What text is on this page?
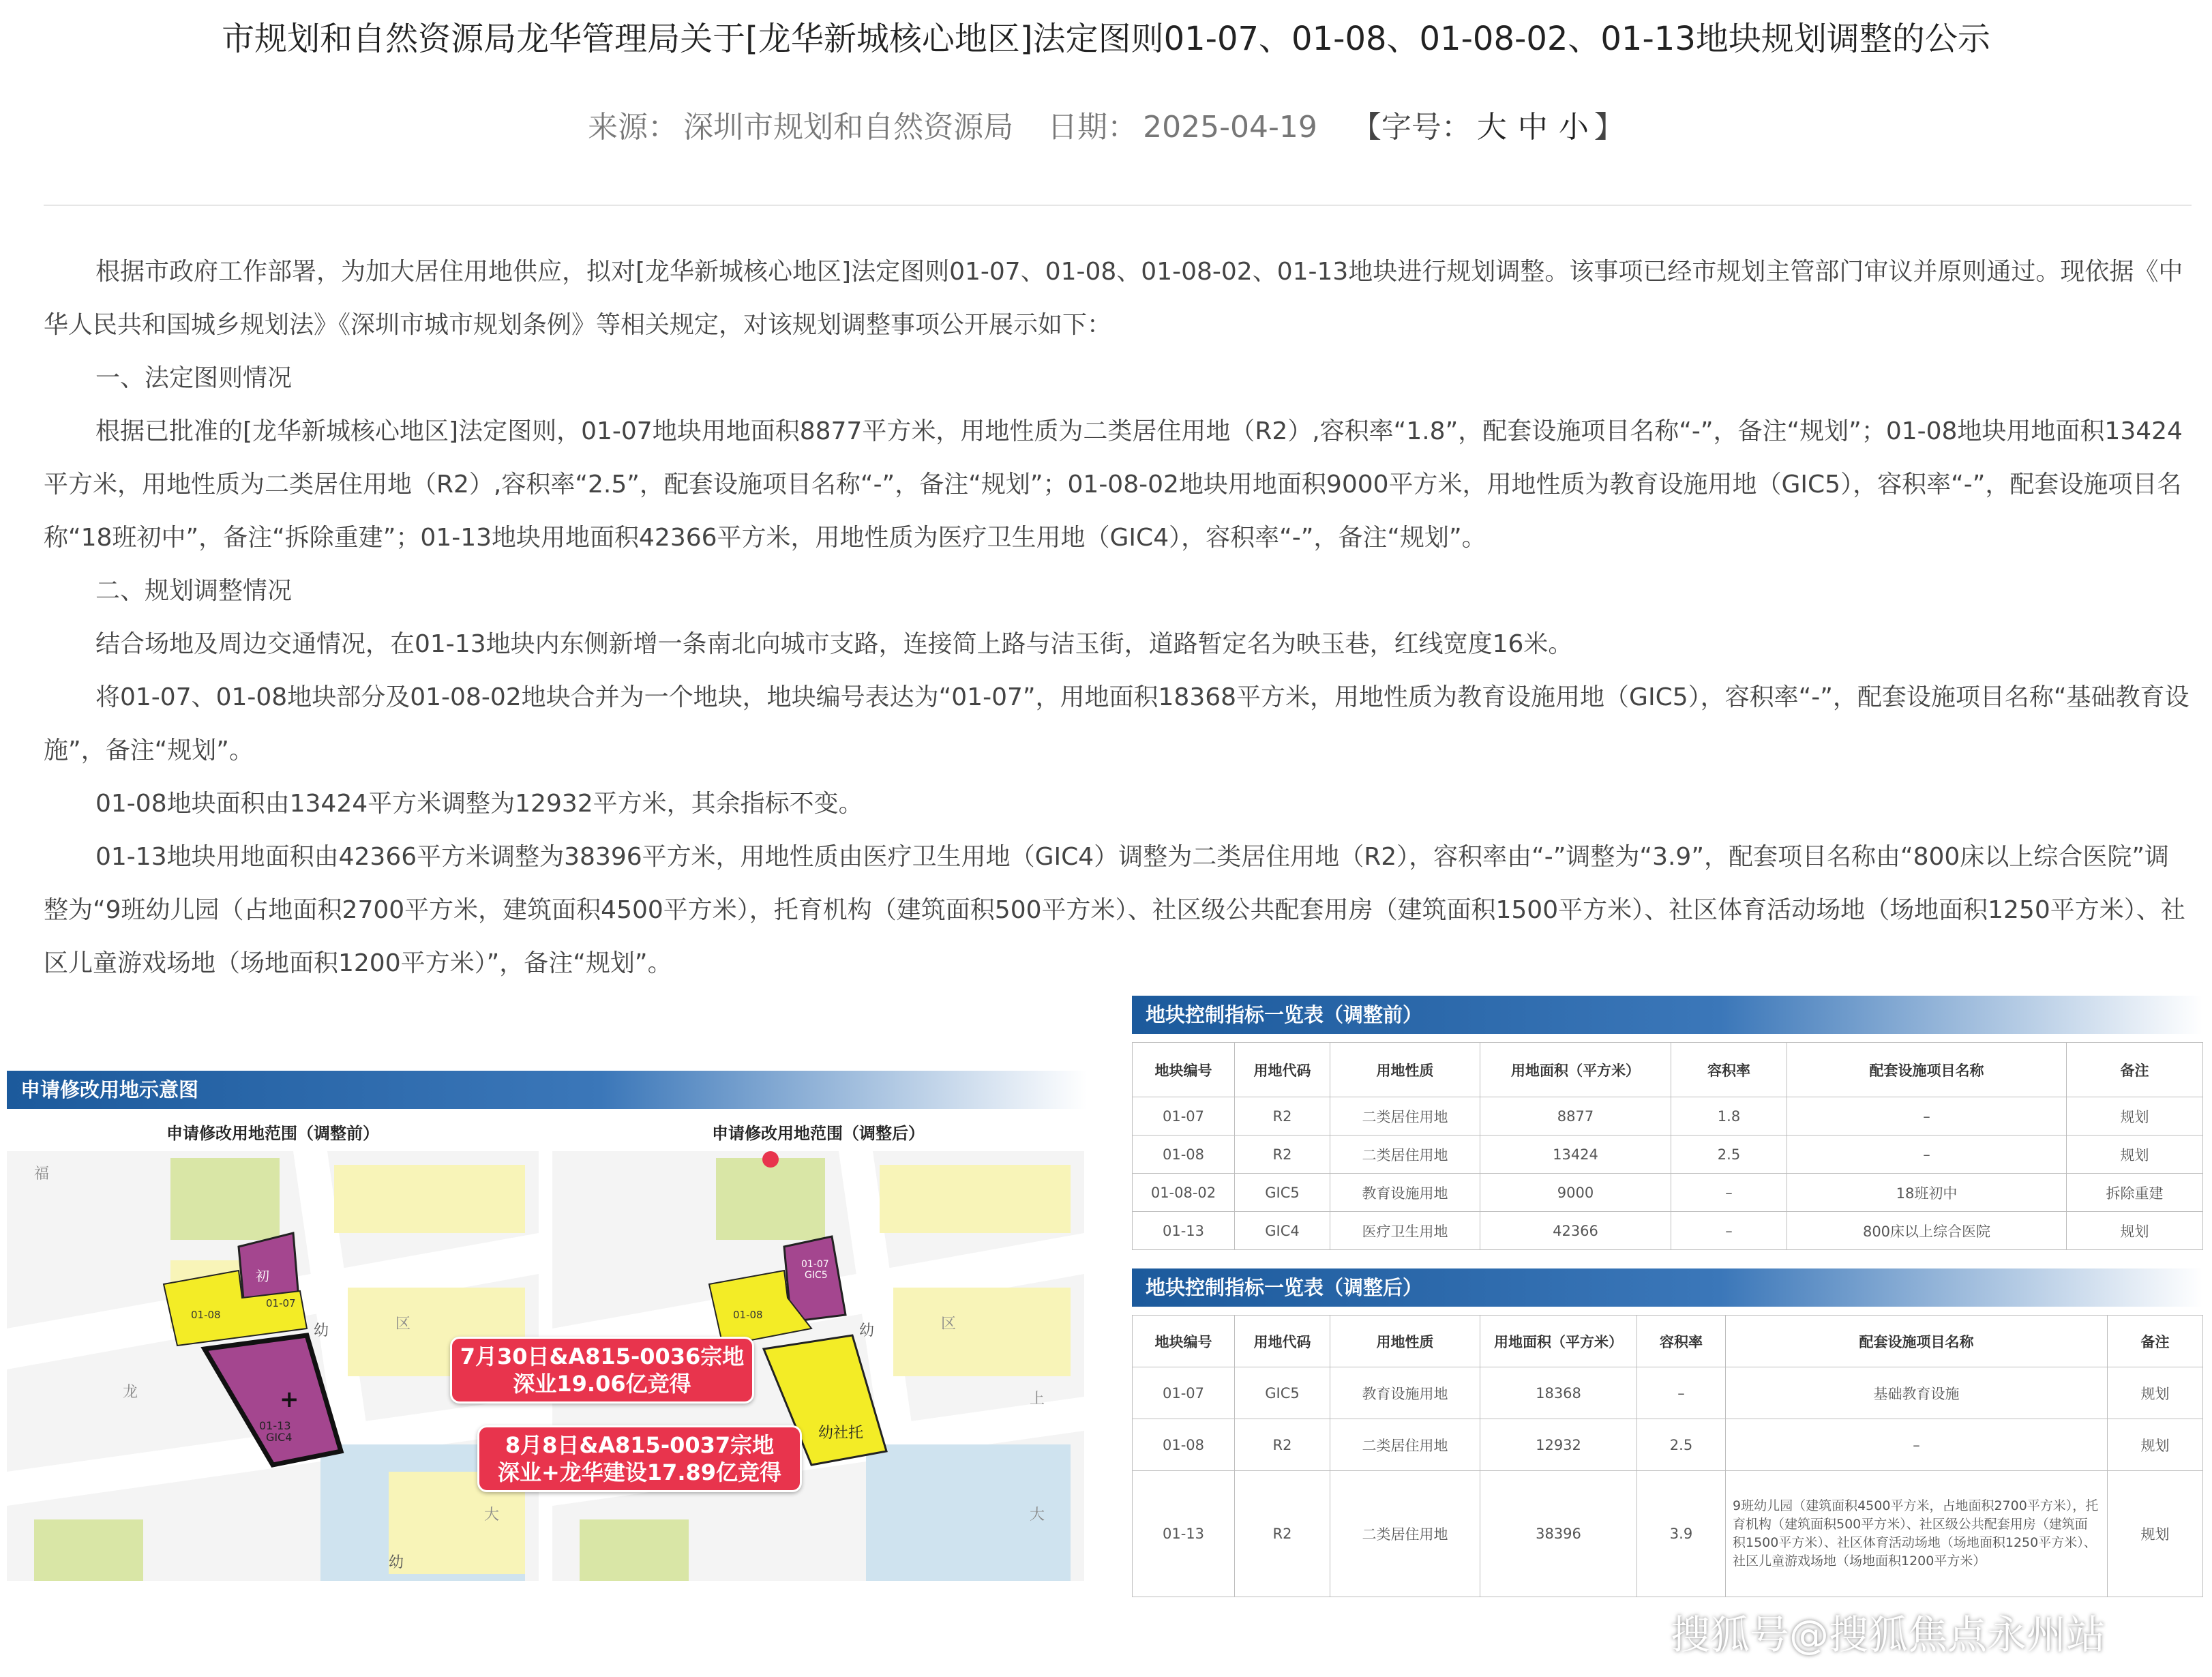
市规划和自然资源局龙华管理局关于[龙华新城核心地区]法定图则01-07、01-08、01-08-02、01-13地块规划调整的公示
来源： 深圳市规划和自然资源局 日期： 2025-04-19 【字号： 大 中 小 】

根据市政府工作部署，为加大居住用地供应，拟对[龙华新城核心地区]法定图则01-07、01-08、01-08-02、01-13地块进行规划调整。该事项已经市规划主管部门审议并原则通过。现依据《中华人民共和国城乡规划法》《深圳市城市规划条例》等相关规定，对该规划调整事项公开展示如下：

一、法定图则情况

根据已批准的[龙华新城核心地区]法定图则，01-07地块用地面积8877平方米，用地性质为二类居住用地（R2）,容积率“1.8”，配套设施项目名称“-”，备注“规划”；01-08地块用地面积13424平方米，用地性质为二类居住用地（R2）,容积率“2.5”，配套设施项目名称“-”，备注“规划”；01-08-02地块用地面积9000平方米，用地性质为教育设施用地（GIC5），容积率“-”，配套设施项目名称“18班初中”，备注“拆除重建”；01-13地块用地面积42366平方米，用地性质为医疗卫生用地（GIC4），容积率“-”，备注“规划”。

二、规划调整情况

结合场地及周边交通情况，在01-13地块内东侧新增一条南北向城市支路，连接简上路与洁玉街，道路暂定名为映玉巷，红线宽度16米。

将01-07、01-08地块部分及01-08-02地块合并为一个地块，地块编号表达为“01-07”，用地面积18368平方米，用地性质为教育设施用地（GIC5），容积率“-”，配套设施项目名称“基础教育设施”，备注“规划”。

01-08地块面积由13424平方米调整为12932平方米，其余指标不变。

01-13地块用地面积由42366平方米调整为38396平方米，用地性质由医疗卫生用地（GIC4）调整为二类居住用地（R2），容积率由“-”调整为“3.9”，配套项目名称由“800床以上综合医院”调整为“9班幼儿园（占地面积2700平方米，建筑面积4500平方米），托育机构（建筑面积500平方米）、社区级公共配套用房（建筑面积1500平方米）、社区体育活动场地（场地面积1250平方米）、社区儿童游戏场地（场地面积1200平方米）”，备注“规划”。

申请修改用地示意图
申请修改用地范围（调整前）	申请修改用地范围（调整后）
初
+
01-13
GIC4
01-08
01-07
幼
幼
福
龙
区
大
01-07
GIC5
01-08
幼社托
幼	区
上
大
7月30日&A815-0036宗地
深业19.06亿竞得
8月8日&A815-0037宗地
深业+龙华建设17.89亿竞得
地块控制指标一览表（调整前）
地块编号	用地代码	用地性质	用地面积（平方米）	容积率	配套设施项目名称	备注
01-07	R2	二类居住用地	8877	1.8	–	规划
01-08	R2	二类居住用地	13424	2.5	–	规划
01-08-02	GIC5	教育设施用地	9000	–	18班初中	拆除重建
01-13	GIC4	医疗卫生用地	42366	–	800床以上综合医院	规划
地块控制指标一览表（调整后）
地块编号	用地代码	用地性质	用地面积（平方米）	容积率	配套设施项目名称	备注
01-07	GIC5	教育设施用地	18368	–	基础教育设施	规划
01-08	R2	二类居住用地	12932	2.5	–	规划
01-13	R2	二类居住用地	38396	3.9	9班幼儿园（建筑面积4500平方米，占地面积2700平方米），托育机构（建筑面积500平方米）、社区级公共配套用房（建筑面积1500平方米）、社区体育活动场地（场地面积1250平方米）、社区儿童游戏场地（场地面积1200平方米）	规划
搜狐号@搜狐焦点永州站
